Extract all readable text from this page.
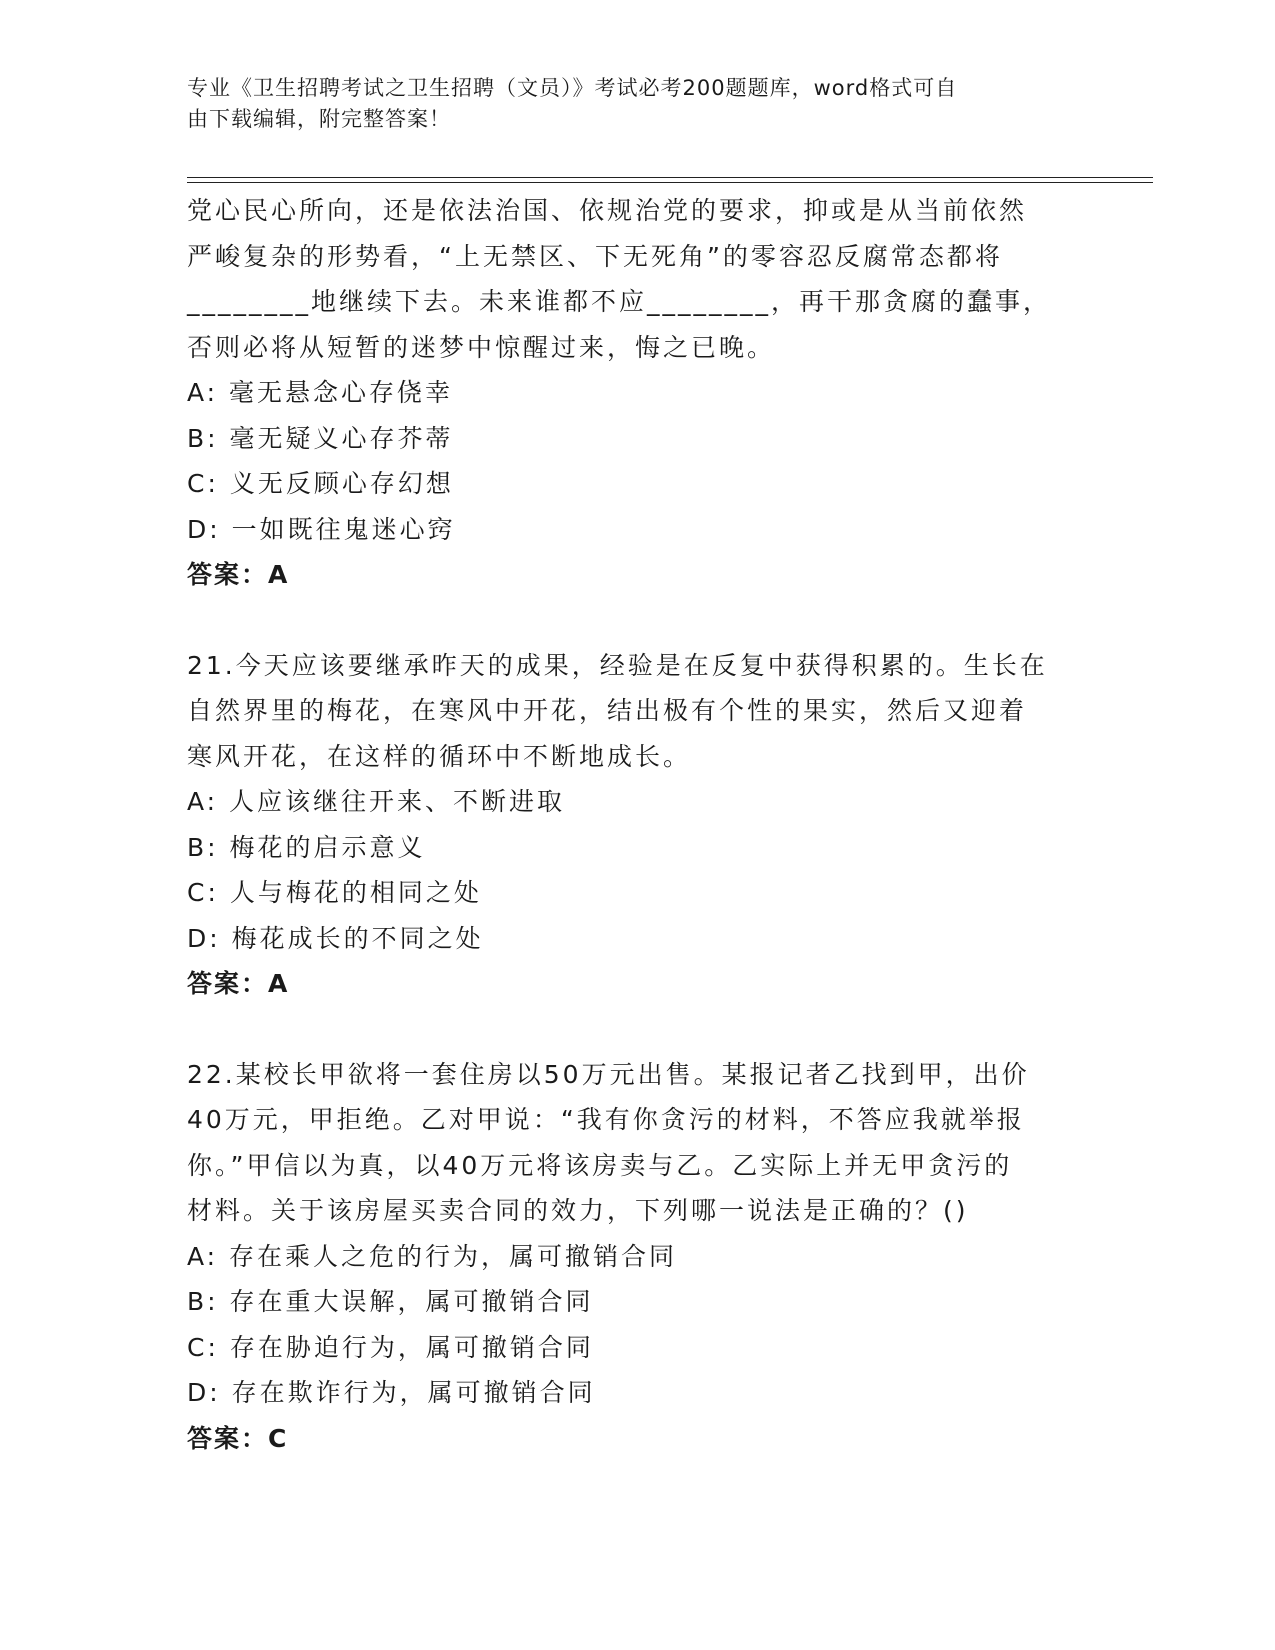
专业《卫生招聘考试之卫生招聘（文员）》考试必考200题题库，word格式可自
由下载编辑，附完整答案！

党心民心所向，还是依法治国、依规治党的要求，抑或是从当前依然

严峻复杂的形势看，“上无禁区、下无死角”的零容忍反腐常态都将

________地继续下去。未来谁都不应________，再干那贪腐的蠢事，

否则必将从短暂的迷梦中惊醒过来，悔之已晚。

A: 毫无悬念心存侥幸

B: 毫无疑义心存芥蒂

C: 义无反顾心存幻想

D: 一如既往鬼迷心窍

答案：A

21.今天应该要继承昨天的成果，经验是在反复中获得积累的。生长在

自然界里的梅花，在寒风中开花，结出极有个性的果实，然后又迎着

寒风开花，在这样的循环中不断地成长。

A: 人应该继往开来、不断进取

B: 梅花的启示意义

C: 人与梅花的相同之处

D: 梅花成长的不同之处

答案：A

22.某校长甲欲将一套住房以50万元出售。某报记者乙找到甲，出价

40万元，甲拒绝。乙对甲说：“我有你贪污的材料，不答应我就举报

你。”甲信以为真，以40万元将该房卖与乙。乙实际上并无甲贪污的

材料。关于该房屋买卖合同的效力，下列哪一说法是正确的？()

A: 存在乘人之危的行为，属可撤销合同

B: 存在重大误解，属可撤销合同

C: 存在胁迫行为，属可撤销合同

D: 存在欺诈行为，属可撤销合同

答案：C
